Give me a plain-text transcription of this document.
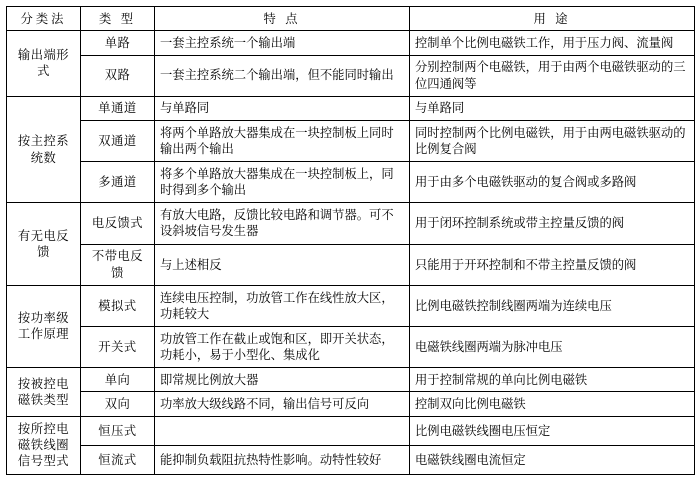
分类法	类 型	特 点	用 途
输出端形式	单路	一套主控系统一个输出端	控制单个比例电磁铁工作，用于压力阀、流量阀
	双路	一套主控系统二个输出端，但不能同时输出	分别控制两个电磁铁，用于由两个电磁铁驱动的三位四通阀等
按主控系统数	单通道	与单路同	与单路同
	双通道	将两个单路放大器集成在一块控制板上同时输出两个输出	同时控制两个比例电磁铁，用于由两电磁铁驱动的比例复合阀
	多通道	将多个单路放大器集成在一块控制板上，同时得到多个输出	用于由多个电磁铁驱动的复合阀或多路阀
有无电反馈	电反馈式	有放大电路，反馈比较电路和调节器。可不设斜坡信号发生器	用于闭环控制系统或带主控量反馈的阀
	不带电反馈	与上述相反	只能用于开环控制和不带主控量反馈的阀
按功率级工作原理	模拟式	连续电压控制，功放管工作在线性放大区，功耗较大	比例电磁铁控制线圈两端为连续电压
	开关式	功放管工作在截止或饱和区，即开关状态，功耗小，易于小型化、集成化	电磁铁线圈两端为脉冲电压
按被控电磁铁类型	单向	即常规比例放大器	用于控制常规的单向比例电磁铁
	双向	功率放大级线路不同，输出信号可反向	控制双向比例电磁铁
按所控电磁铁线圈信号型式	恒压式		比例电磁铁线圈电压恒定
	恒流式	能抑制负载阻抗热特性影响。动特性较好	电磁铁线圈电流恒定
